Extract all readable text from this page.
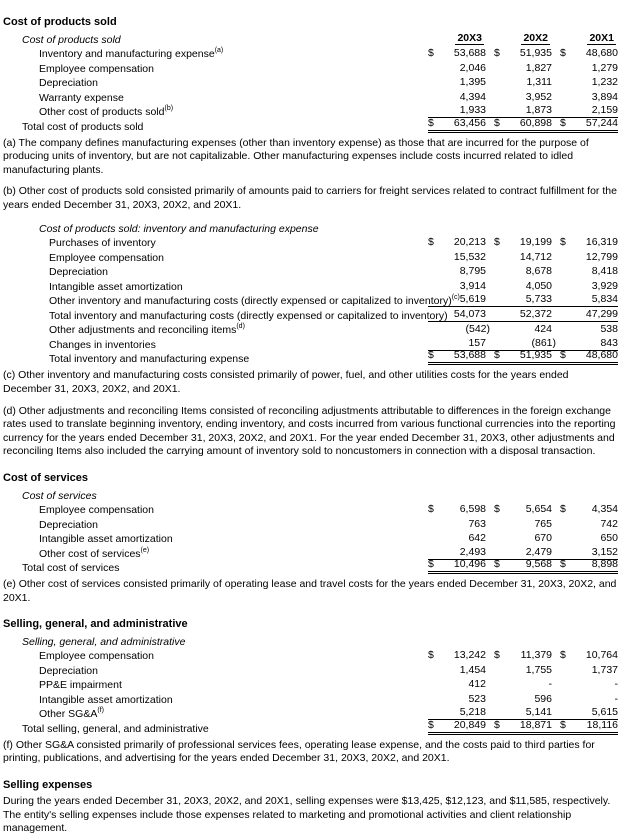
Cost of products sold
Cost of products sold	20X3	20X2	20X1
Inventory and manufacturing expense$^{(a)}$	$ 53,688 $ 51,935 $ 48,680
Employee compensation	2,046	1,827	1,279
Depreciation	1,395	1,311	1,232
Warranty expense	4,394	3,952	3,894
Other cost of products sold$^{(b)}$	1,933	1,873	2,159
Total cost of products sold	$ 63,456 $ 60,898 $ 57,244
(a) The company defines manufacturing expenses (other than inventory expense) as those that are incurred for the purpose of producing units of inventory, but are not capitalizable. Other manufacturing expenses include costs incurred related to idled manufacturing plants.
(b) Other cost of products sold consisted primarily of amounts paid to carriers for freight services related to contract fulfillment for the years ended December 31, 20X3, 20X2, and 20X1.
Cost of products sold: inventory and manufacturing expense
Purchases of inventory	$ 20,213 $ 19,199 $ 16,319
Employee compensation	15,532	14,712	12,799
Depreciation	8,795	8,678	8,418
Intangible asset amortization	3,914	4,050	3,929
Other inventory and manufacturing costs (directly expensed or capitalized to inventory)$^{(c)}$ 5,619	5,733	5,834
Total inventory and manufacturing costs (directly expensed or capitalized to inventory) 54,073	52,372	47,299
Other adjustments and reconciling items$^{(d)}$	(542)	424	538
Changes in inventories	157	(861)	843
Total inventory and manufacturing expense	$ 53,688 $ 51,935 $ 48,680
(c) Other inventory and manufacturing costs consisted primarily of power, fuel, and other utilities costs for the years ended December 31, 20X3, 20X2, and 20X1.
(d) Other adjustments and reconciling Items consisted of reconciling adjustments attributable to differences in the foreign exchange rates used to translate beginning inventory, ending inventory, and costs incurred from various functional currencies into the reporting currency for the years ended December 31, 20X3, 20X2, and 20X1. For the year ended December 31, 20X3, other adjustments and reconciling Items also included the carrying amount of inventory sold to noncustomers in connection with a disposal transaction.
Cost of services
Cost of services
Employee compensation	$ 6,598 $ 5,654 $ 4,354
Depreciation	763	765	742
Intangible asset amortization	642	670	650
Other cost of services$^{(e)}$	2,493	2,479	3,152
Total cost of services	$ 10,496 $ 9,568 $ 8,898
(e) Other cost of services consisted primarily of operating lease and travel costs for the years ended December 31, 20X3, 20X2, and 20X1.
Selling, general, and administrative
Selling, general, and administrative
Employee compensation	$ 13,242 $ 11,379 $ 10,764
Depreciation	1,454	1,755	1,737
PP&E impairment	412	-	-
Intangible asset amortization	523	596	-
Other $SG\&A^{(f)}$	5,218	5,141	5,615
Total selling, general, and administrative	$ 20,849 $ 18,871 $ 18,116
(f) Other SG&A consisted primarily of professional services fees, operating lease expense, and the costs paid to third parties for printing, publications, and advertising for the years ended December 31, 20X3, 20X2, and 20X1.
Selling expenses
During the years ended December 31, 20X3, 20X2, and 20X1, selling expenses were $13,425, $12,123, and $11,585, respectively. The entity's selling expenses include those expenses related to marketing and promotional activities and client relationship management.
